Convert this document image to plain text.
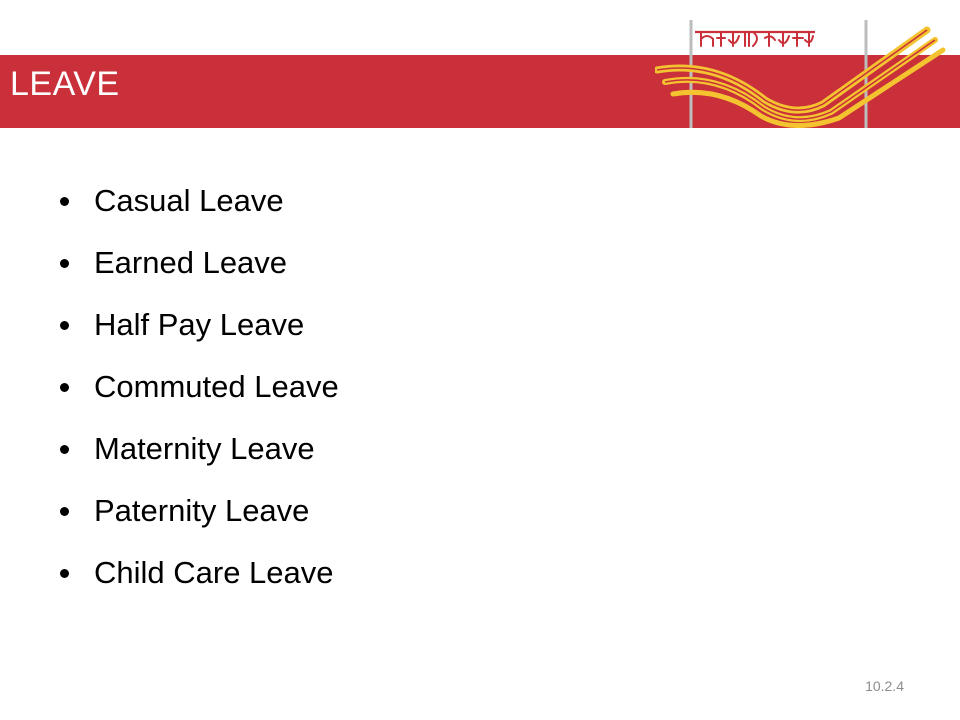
LEAVE
Casual Leave
Earned Leave
Half Pay Leave
Commuted Leave
Maternity Leave
Paternity Leave
Child Care Leave
10.2.4
